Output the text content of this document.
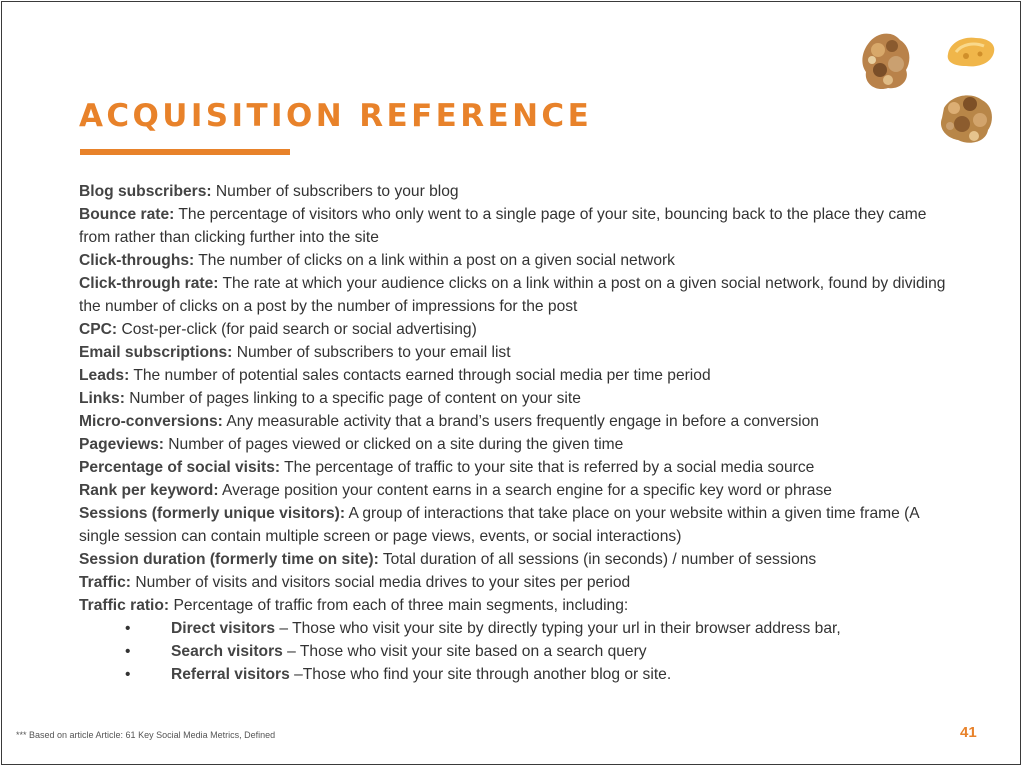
ACQUISITION REFERENCE

Blog subscribers: Number of subscribers to your blog

Bounce rate: The percentage of visitors who only went to a single page of your site, bouncing back to the place they came from rather than clicking further into the site

Click-throughs: The number of clicks on a link within a post on a given social network

Click-through rate: The rate at which your audience clicks on a link within a post on a given social network, found by dividing the number of clicks on a post by the number of impressions for the post

CPC: Cost-per-click (for paid search or social advertising)

Email subscriptions: Number of subscribers to your email list

Leads: The number of potential sales contacts earned through social media per time period

Links: Number of pages linking to a specific page of content on your site

Micro-conversions: Any measurable activity that a brand’s users frequently engage in before a conversion

Pageviews: Number of pages viewed or clicked on a site during the given time

Percentage of social visits: The percentage of traffic to your site that is referred by a social media source

Rank per keyword: Average position your content earns in a search engine for a specific key word or phrase

Sessions (formerly unique visitors): A group of interactions that take place on your website within a given time frame (A single session can contain multiple screen or page views, events, or social interactions)

Session duration (formerly time on site): Total duration of all sessions (in seconds) / number of sessions

Traffic: Number of visits and visitors social media drives to your sites per period

Traffic ratio: Percentage of traffic from each of three main segments, including:

•	Direct visitors – Those who visit your site by directly typing your url in their browser address bar,
•	Search visitors – Those who visit your site based on a search query
•	Referral visitors –Those who find your site through another blog or site.
*** Based on article Article: 61 Key Social Media Metrics, Defined	41
